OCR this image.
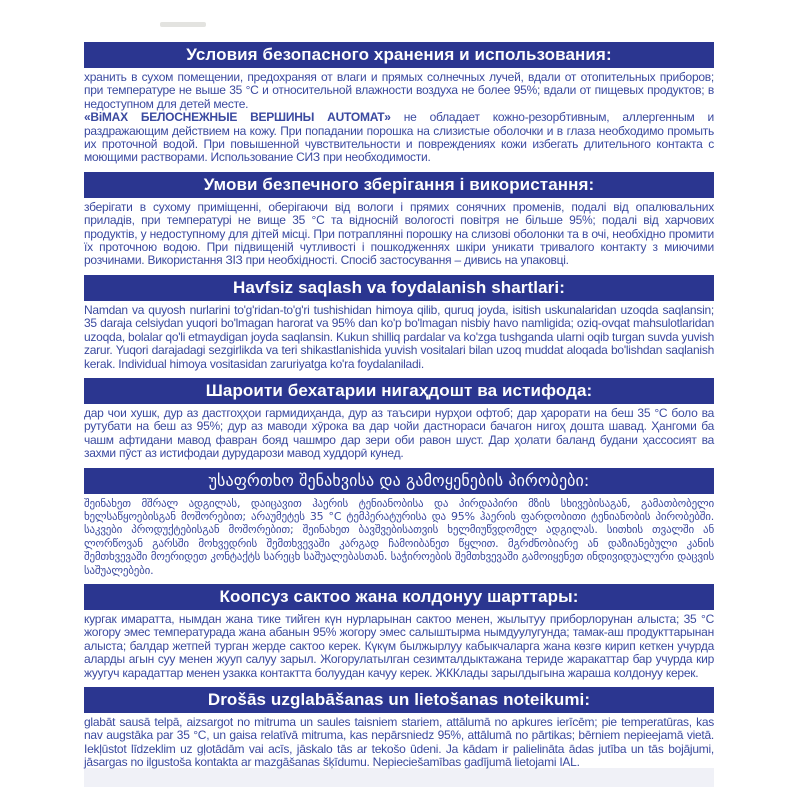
Условия безопасного хранения и использования:

хранить в сухом помещении, предохраняя от влаги и прямых солнечных лучей, вдали от отопительных приборов; при температуре не выше 35 °С и относительной влажности воздуха не более 95%; вдали от пищевых продуктов; в недоступном для детей месте.

«BiMAX БЕЛОСНЕЖНЫЕ ВЕРШИНЫ AUTOMAT» не обладает кожно-резорбтивным, аллергенным и раздражающим действием на кожу. При попадании порошка на слизистые оболочки и в глаза необходимо промыть их проточной водой. При повышенной чувствительности и повреждениях кожи избегать длительного контакта с моющими растворами. Использование СИЗ при необходимости.

Умови безпечного зберігання і використання:

зберігати в сухому приміщенні, оберігаючи від вологи і прямих сонячних променів, подалі від опалювальних приладів, при температурі не вище 35 °С та відносній вологості повітря не більше 95%; подалі від харчових продуктів, у недоступному для дітей місці. При потраплянні порошку на слизові оболонки та в очі, необхідно промити їх проточною водою. При підвищеній чутливості і пошкодженнях шкіри уникати тривалого контакту з миючими розчинами. Використання ЗІЗ при необхідності. Спосіб застосування – дивись на упаковці.

Havfsiz saqlash va foydalanish shartlari:

Namdan va quyosh nurlarini to'g'ridan-to'g'ri tushishidan himoya qilib, quruq joyda, isitish uskunalaridan uzoqda saqlansin; 35 daraja celsiydan yuqori bo'lmagan harorat va 95% dan ko'p bo'lmagan nisbiy havo namligida; oziq-ovqat mahsulotlaridan uzoqda, bolalar qo'li etmaydigan joyda saqlansin. Kukun shilliq pardalar va ko'zga tushganda ularni oqib turgan suvda yuvish zarur. Yuqori darajadagi sezgirlikda va teri shikastlanishida yuvish vositalari bilan uzoq muddat aloqada bo'lishdan saqlanish kerak. Individual himoya vositasidan zaruriyatga ko'ra foydalaniladi.

Шароити бехатарии нигаҳдошт ва истифода:

дар чои хушк, дур аз дастгоҳҳои гармидиҳанда, дур аз таъсири нурҳои офтоб; дар ҳарорати на беш 35 °С боло ва рутубати на беш аз 95%; дур аз маводи хӯрока ва дар чойи дастнораси бачагон нигоҳ дошта шавад. Ҳангоми ба чашм афтидани мавод фавран бояд чашмро дар зери оби равон шуст. Дар ҳолати баланд будани ҳассосият ва захми пӯст аз истифодаи дурударози мавод худдорӣ кунед.

უსაფრთხო შენახვისა და გამოყენების პირობები:

შეინახეთ მშრალ ადგილას, დაიცავით ჰაერის ტენიანობისა და პირდაპირი მზის სხივებისაგან, გამათბობელი ხელსაწყოებისგან მოშორებით; არაუმეტეს 35 °C ტემპერატურისა და 95% ჰაერის ფარდობითი ტენიანობის პირობებში. საკვები პროდუქტებისგან მოშორებით; შეინახეთ ბავშვებისათვის ხელმიუწვდომელ ადგილას. სითხის თვალში ან ლორწოვან გარსში მოხვედრის შემთხვევაში კარგად ჩამოიბანეთ წყლით. მგრძნობიარე ან დაზიანებული კანის შემთხვევაში მოერიდეთ კონტაქტს სარეცხ საშუალებასთან. საჭიროების შემთხვევაში გამოიყენეთ ინდივიდუალური დაცვის საშუალებები.

Коопсуз сактоо жана колдонуу шарттары:

кургак имаратта, нымдан жана тике тийген күн нурларынан сактоо менен, жылытуу приборлорунан алыста; 35 °С жогору эмес температурада жана абанын 95% жогору эмес салыштырма нымдуулугунда; тамак-аш продукттарынан алыста; балдар жетпей турган жерде сактоо керек. Күкүм былжырлуу кабыкчаларга жана көзгө кирип кеткен учурда аларды агын суу менен жууп салуу зарыл. Жогорулатылган сезимталдыктажана териде жаракаттар бар учурда кир жуугуч карадаттар менен узакка контактта болуудан качуу керек. ЖККлады зарылдыгына жараша колдонуу керек.

Drošās uzglabāšanas un lietošanas noteikumi:

glabāt sausā telpā, aizsargot no mitruma un saules taisniem stariem, attālumā no apkures ierīcēm; pie temperatūras, kas nav augstāka par 35 °C, un gaisa relatīvā mitruma, kas nepārsniedz 95%, attālumā no pārtikas; bērniem nepieejamā vietā. Iekļūstot līdzeklim uz gļotādām vai acīs, jāskalo tās ar tekošo ūdeni. Ja kādam ir palielināta ādas jutība un tās bojājumi, jāsargas no ilgustoša kontakta ar mazgāšanas šķīdumu. Nepieciešamības gadījumā lietojami IAL.
